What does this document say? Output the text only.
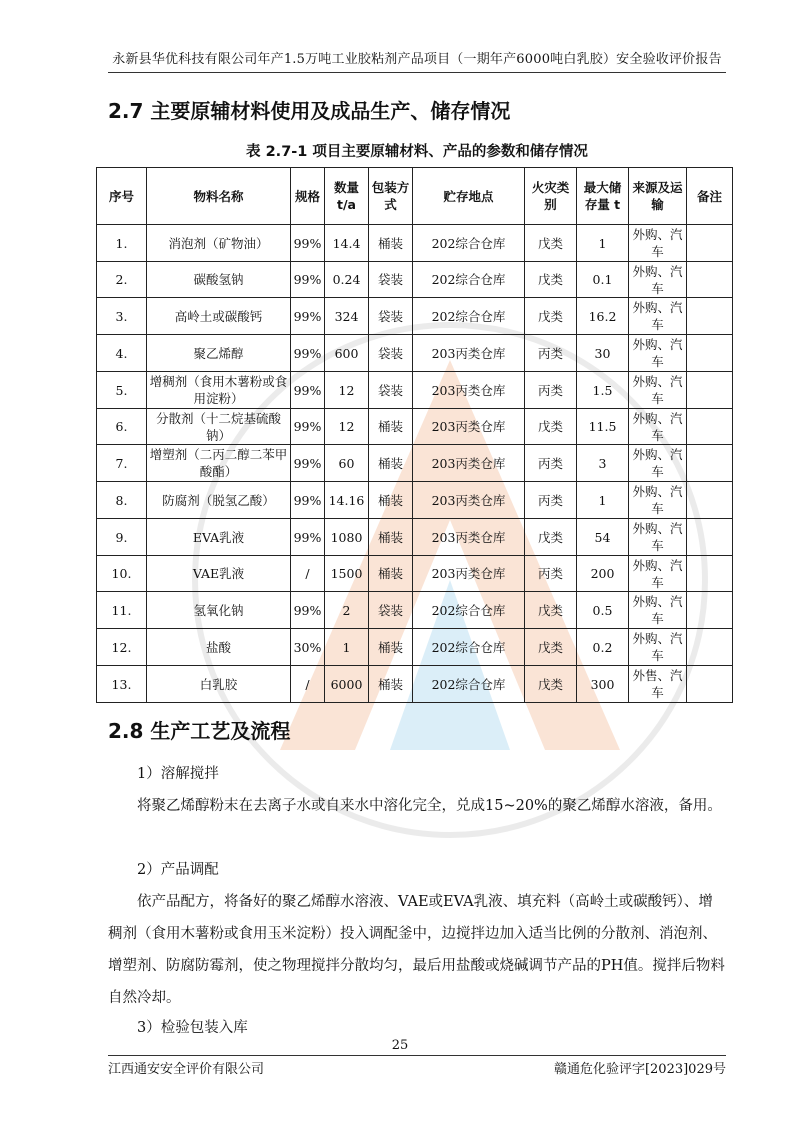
永新县华优科技有限公司年产1.5万吨工业胶粘剂产品项目（一期年产6000吨白乳胶）安全验收评价报告
2.7 主要原辅材料使用及成品生产、储存情况
表 2.7-1 项目主要原辅材料、产品的参数和储存情况
序号	物料名称	规格	数量 t/a	包装方式	贮存地点	火灾类别	最大储存量 t	来源及运输	备注
1.	消泡剂（矿物油）	99%	14.4	桶装	202综合仓库	戊类	1	外购、汽车	
2.	碳酸氢钠	99%	0.24	袋装	202综合仓库	戊类	0.1	外购、汽车	
3.	高岭土或碳酸钙	99%	324	袋装	202综合仓库	戊类	16.2	外购、汽车	
4.	聚乙烯醇	99%	600	袋装	203丙类仓库	丙类	30	外购、汽车	
5.	增稠剂（食用木薯粉或食用淀粉）	99%	12	袋装	203丙类仓库	丙类	1.5	外购、汽车	
6.	分散剂（十二烷基硫酸钠）	99%	12	桶装	203丙类仓库	戊类	11.5	外购、汽车	
7.	增塑剂（二丙二醇二苯甲酸酯）	99%	60	桶装	203丙类仓库	丙类	3	外购、汽车	
8.	防腐剂（脱氢乙酸）	99%	14.16	桶装	203丙类仓库	丙类	1	外购、汽车	
9.	EVA乳液	99%	1080	桶装	203丙类仓库	戊类	54	外购、汽车	
10.	VAE乳液	/	1500	桶装	203丙类仓库	丙类	200	外购、汽车	
11.	氢氧化钠	99%	2	袋装	202综合仓库	戊类	0.5	外购、汽车	
12.	盐酸	30%	1	桶装	202综合仓库	戊类	0.2	外购、汽车	
13.	白乳胶	/	6000	桶装	202综合仓库	戊类	300	外售、汽车	
2.8 生产工艺及流程
1）溶解搅拌
将聚乙烯醇粉末在去离子水或自来水中溶化完全，兑成15~20%的聚乙烯醇水溶液，备用。
2）产品调配
依产品配方，将备好的聚乙烯醇水溶液、VAE或EVA乳液、填充料（高岭土或碳酸钙）、增稠剂（食用木薯粉或食用玉米淀粉）投入调配釜中，边搅拌边加入适当比例的分散剂、消泡剂、增塑剂、防腐防霉剂，使之物理搅拌分散均匀，最后用盐酸或烧碱调节产品的PH值。搅拌后物料自然冷却。
3）检验包装入库
25
江西通安安全评价有限公司	赣通危化验评字[2023]029号
